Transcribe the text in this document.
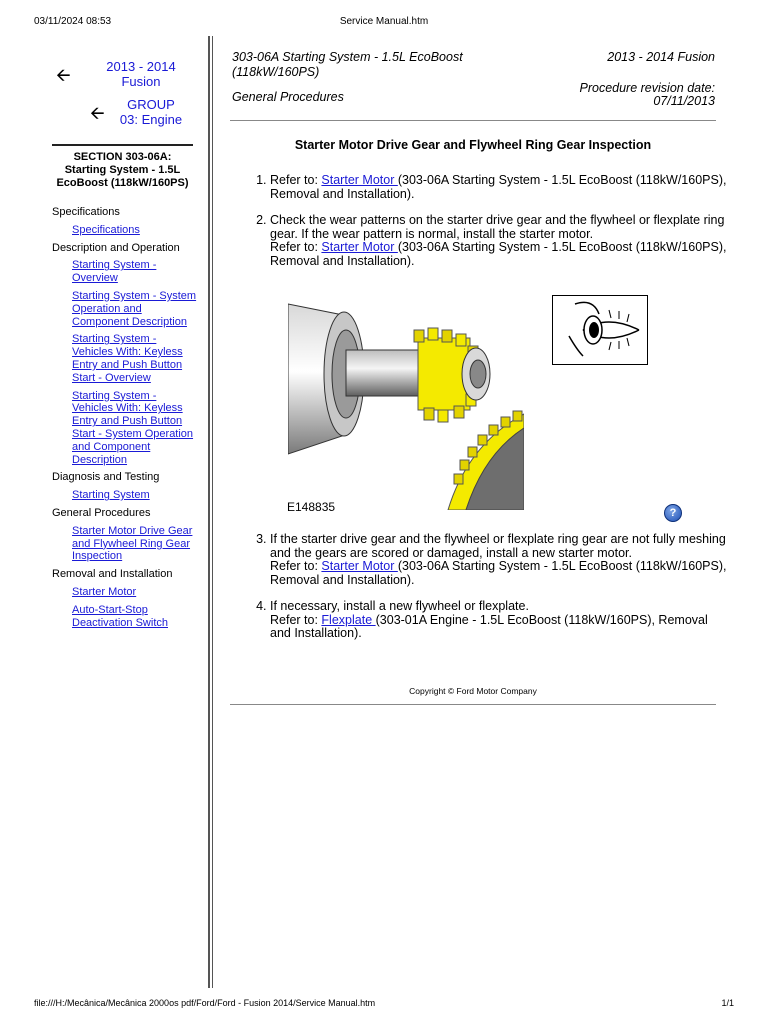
03/11/2024 08:53	Service Manual.htm
🡨	2013 - 2014
Fusion
🡨	GROUP
03: Engine
SECTION 303-06A: Starting System - 1.5L EcoBoost (118kW/160PS)
Specifications
Specifications
Description and Operation
Starting System - Overview
Starting System - System Operation and Component Description
Starting System - Vehicles With: Keyless Entry and Push Button Start - Overview
Starting System - Vehicles With: Keyless Entry and Push Button Start - System Operation and Component Description
Diagnosis and Testing
Starting System
General Procedures
Starter Motor Drive Gear and Flywheel Ring Gear Inspection
Removal and Installation
Starter Motor
Auto-Start-Stop Deactivation Switch
303-06A Starting System - 1.5L EcoBoost (118kW/160PS)
2013 - 2014 Fusion
General Procedures
Procedure revision date:
07/11/2013
Starter Motor Drive Gear and Flywheel Ring Gear Inspection
1. Refer to: Starter Motor (303-06A Starting System - 1.5L EcoBoost (118kW/160PS), Removal and Installation).
2. Check the wear patterns on the starter drive gear and the flywheel or flexplate ring gear. If the wear pattern is normal, install the starter motor.
Refer to: Starter Motor (303-06A Starting System - 1.5L EcoBoost (118kW/160PS), Removal and Installation).
3. If the starter drive gear and the flywheel or flexplate ring gear are not fully meshing and the gears are scored or damaged, install a new starter motor.
Refer to: Starter Motor (303-06A Starting System - 1.5L EcoBoost (118kW/160PS), Removal and Installation).
4. If necessary, install a new flywheel or flexplate.
Refer to: Flexplate (303-01A Engine - 1.5L EcoBoost (118kW/160PS), Removal and Installation).
E148835	?
Copyright © Ford Motor Company
file:///H:/Mecânica/Mecânica 2000os pdf/Ford/Ford - Fusion 2014/Service Manual.htm	1/1
